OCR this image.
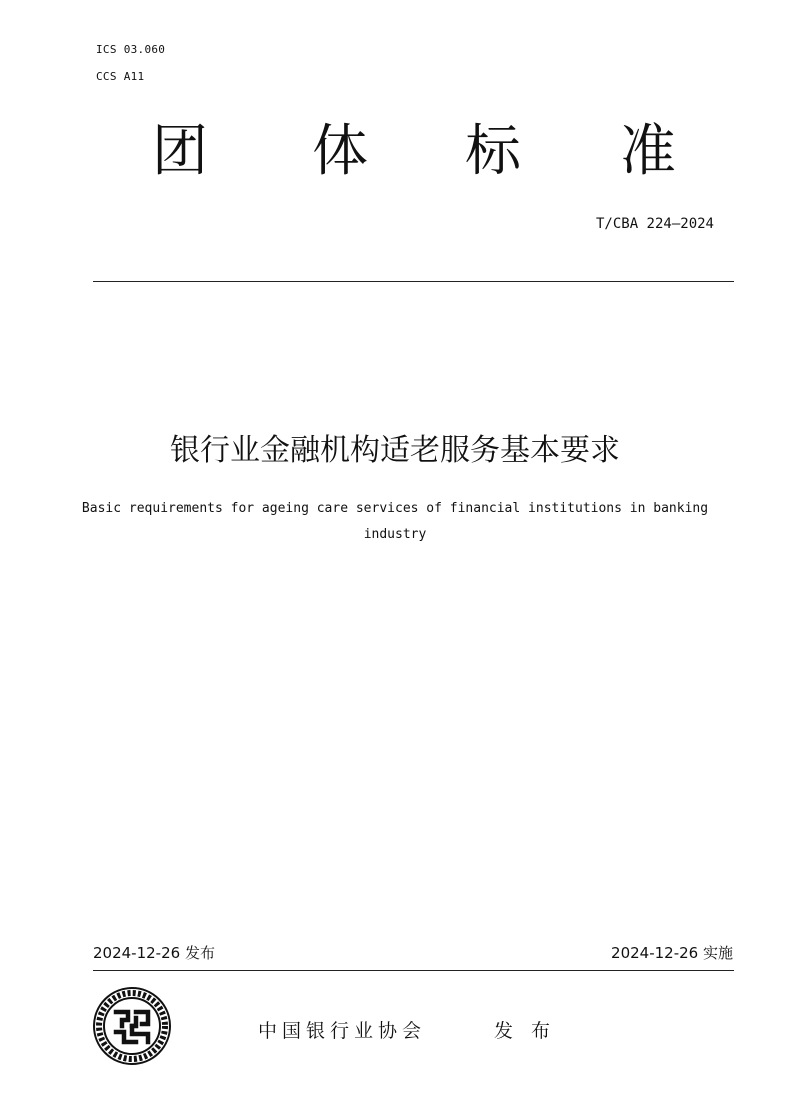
ICS 03.060
CCS A11
团 体 标 准
T/CBA 224—2024
银行业金融机构适老服务基本要求
Basic requirements for ageing care services of financial institutions in banking industry
2024-12-26 发布	2024-12-26 实施
中国银行业协会	发 布
